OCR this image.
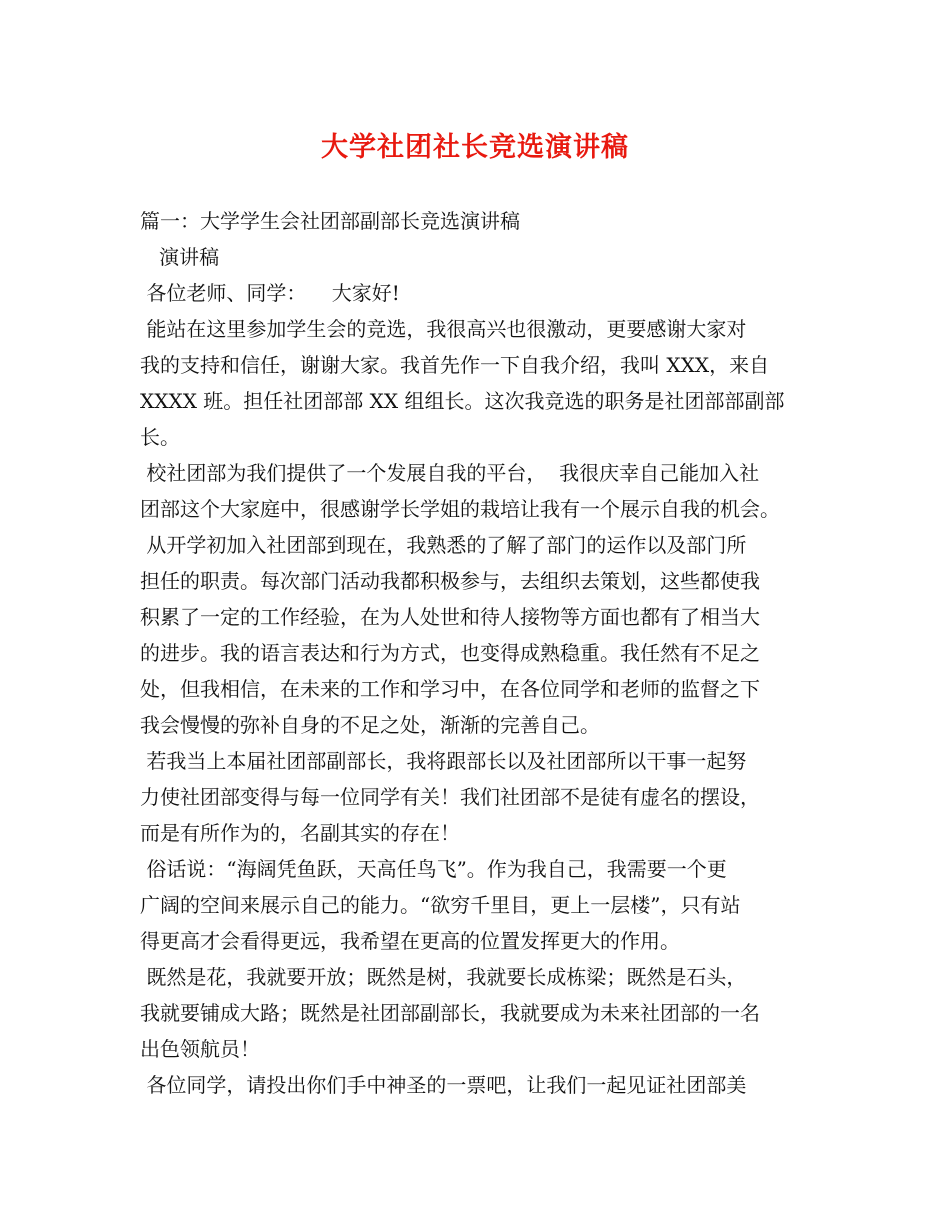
大学社团社长竞选演讲稿
篇一：大学学生会社团部副部长竞选演讲稿
演讲稿
各位老师、同学：    大家好!
能站在这里参加学生会的竞选，我很高兴也很激动，更要感谢大家对
我的支持和信任，谢谢大家。我首先作一下自我介绍，我叫 XXX，来自
XXXX 班。担任社团部部 XX 组组长。这次我竞选的职务是社团部部副部
长。
校社团部为我们提供了一个发展自我的平台，  我很庆幸自己能加入社
团部这个大家庭中，很感谢学长学姐的栽培让我有一个展示自我的机会。
从开学初加入社团部到现在，我熟悉的了解了部门的运作以及部门所
担任的职责。每次部门活动我都积极参与，去组织去策划，这些都使我
积累了一定的工作经验，在为人处世和待人接物等方面也都有了相当大
的进步。我的语言表达和行为方式，也变得成熟稳重。我任然有不足之
处，但我相信，在未来的工作和学习中，在各位同学和老师的监督之下
我会慢慢的弥补自身的不足之处，渐渐的完善自己。
若我当上本届社团部副部长，我将跟部长以及社团部所以干事一起努
力使社团部变得与每一位同学有关！我们社团部不是徒有虚名的摆设，
而是有所作为的，名副其实的存在！
俗话说：“海阔凭鱼跃，天高任鸟飞”。作为我自己，我需要一个更
广阔的空间来展示自己的能力。“欲穷千里目，更上一层楼”，只有站
得更高才会看得更远，我希望在更高的位置发挥更大的作用。
既然是花，我就要开放；既然是树，我就要长成栋梁；既然是石头，
我就要铺成大路；既然是社团部副部长，我就要成为未来社团部的一名
出色领航员！
各位同学，请投出你们手中神圣的一票吧，让我们一起见证社团部美
